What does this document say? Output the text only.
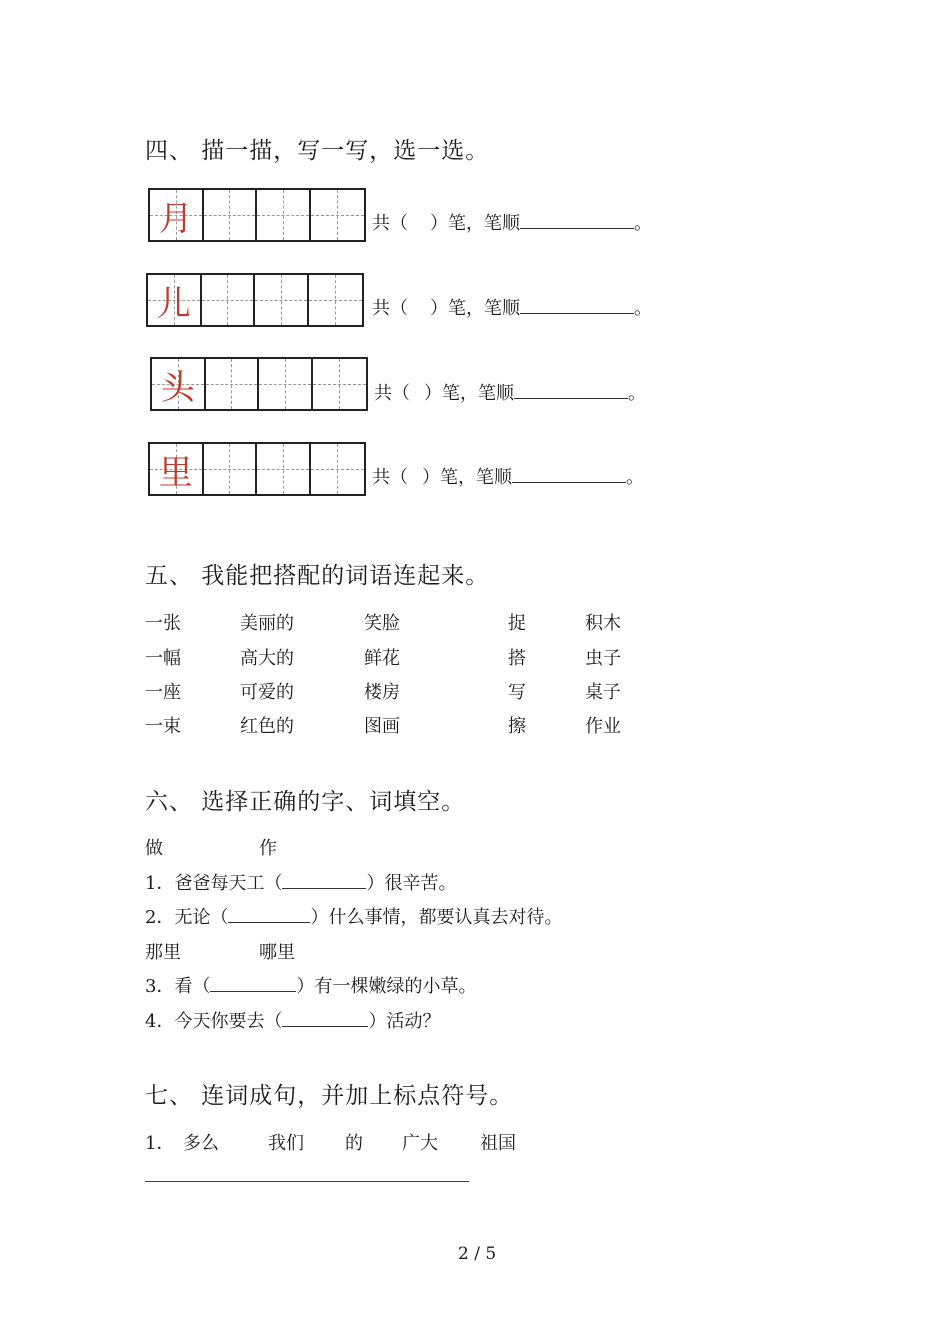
四、 描一描，写一写，选一选。
月	共（ ）笔，笔顺	。
儿	共（ ）笔，笔顺	。
头	共（ ）笔，笔顺	。
里	共（ ）笔，笔顺	。
五、 我能把搭配的词语连起来。
一张	美丽的	笑脸	捉	积木
一幅	高大的	鲜花	搭	虫子
一座	可爱的	楼房	写	桌子
一束	红色的	图画	擦	作业
六、 选择正确的字、词填空。
做	作
1．爸爸每天工（	）很辛苦。
2．无论（	）什么事情，都要认真去对待。
那里	哪里
3．看（	）有一棵嫩绿的小草。
4．今天你要去（	）活动？
七、 连词成句，并加上标点符号。
1． 多么	我们 的 广大 祖国
2 / 5
